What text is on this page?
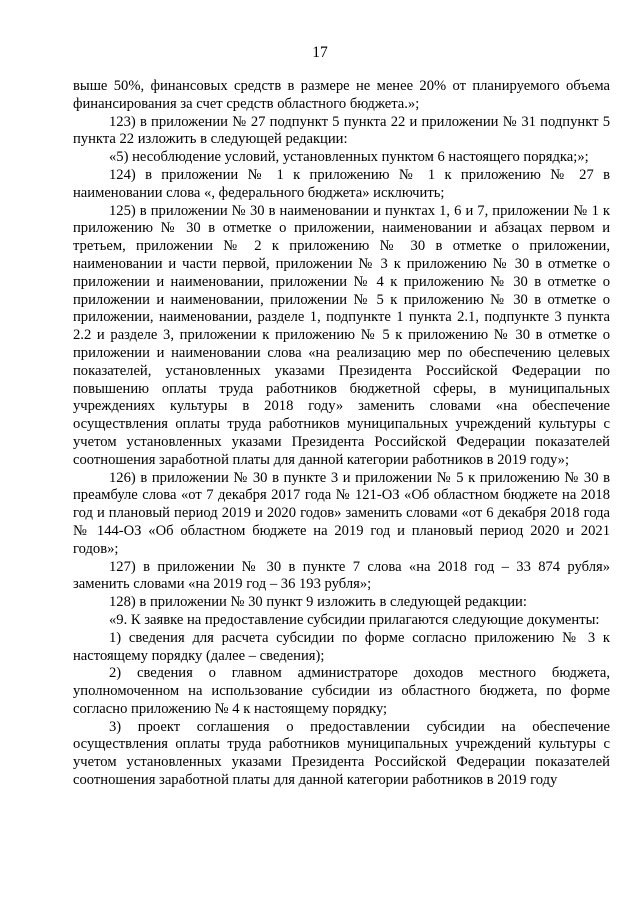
17

выше 50%, финансовых средств в размере не менее 20% от планируемого объема финансирования за счет средств областного бюджета.»;

123) в приложении № 27 подпункт 5 пункта 22 и приложении № 31 подпункт 5 пункта 22 изложить в следующей редакции:

«5) несоблюдение условий, установленных пунктом 6 настоящего порядка;»;

124) в приложении № 1 к приложению № 1 к приложению № 27 в наименовании слова «, федерального бюджета» исключить;

125) в приложении № 30 в наименовании и пунктах 1, 6 и 7, приложении № 1 к приложению № 30 в отметке о приложении, наименовании и абзацах первом и третьем, приложении № 2 к приложению № 30 в отметке о приложении, наименовании и части первой, приложении № 3 к приложению № 30 в отметке о приложении и наименовании, приложении № 4 к приложению № 30 в отметке о приложении и наименовании, приложении № 5 к приложению № 30 в отметке о приложении, наименовании, разделе 1, подпункте 1 пункта 2.1, подпункте 3 пункта 2.2 и разделе 3, приложении к приложению № 5 к приложению № 30 в отметке о приложении и наименовании слова «на реализацию мер по обеспечению целевых показателей, установленных указами Президента Российской Федерации по повышению оплаты труда работников бюджетной сферы, в муниципальных учреждениях культуры в 2018 году» заменить словами «на обеспечение осуществления оплаты труда работников муниципальных учреждений культуры с учетом установленных указами Президента Российской Федерации показателей соотношения заработной платы для данной категории работников в 2019 году»;

126) в приложении № 30 в пункте 3 и приложении № 5 к приложению № 30 в преамбуле слова «от 7 декабря 2017 года № 121-ОЗ «Об областном бюджете на 2018 год и плановый период 2019 и 2020 годов» заменить словами «от 6 декабря 2018 года № 144-ОЗ «Об областном бюджете на 2019 год и плановый период 2020 и 2021 годов»;

127) в приложении № 30 в пункте 7 слова «на 2018 год – 33 874 рубля» заменить словами «на 2019 год – 36 193 рубля»;

128) в приложении № 30 пункт 9 изложить в следующей редакции:

«9. К заявке на предоставление субсидии прилагаются следующие документы:

1) сведения для расчета субсидии по форме согласно приложению № 3 к настоящему порядку (далее – сведения);

2) сведения о главном администраторе доходов местного бюджета, уполномоченном на использование субсидии из областного бюджета, по форме согласно приложению № 4 к настоящему порядку;

3) проект соглашения о предоставлении субсидии на обеспечение осуществления оплаты труда работников муниципальных учреждений культуры с учетом установленных указами Президента Российской Федерации показателей соотношения заработной платы для данной категории работников в 2019 году
